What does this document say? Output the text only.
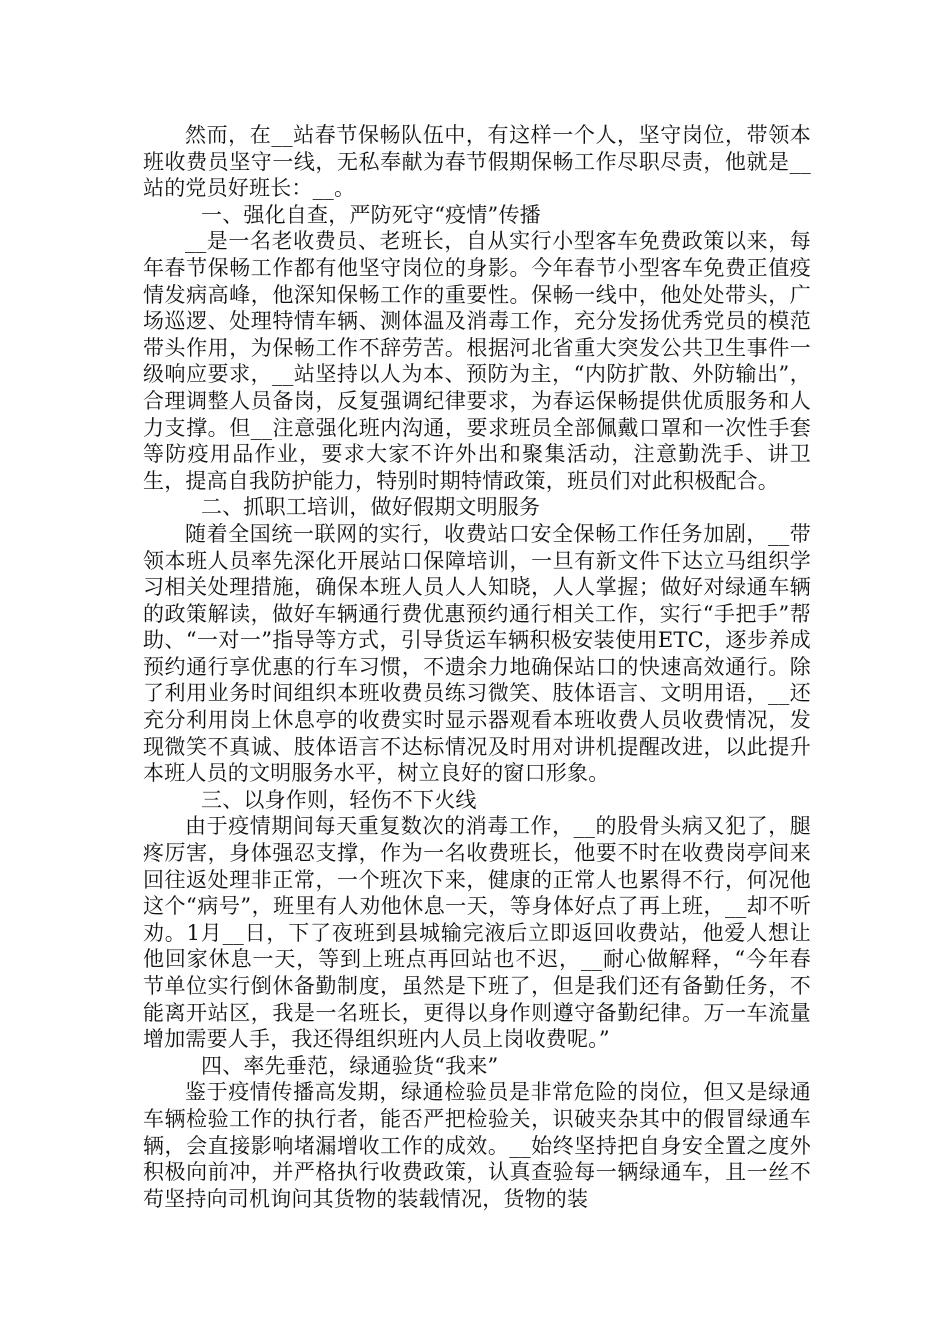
然而，在__站春节保畅队伍中，有这样一个人，坚守岗位，带领本班收费员坚守一线，无私奉献为春节假期保畅工作尽职尽责，他就是__站的党员好班长：__。

一、强化自查，严防死守“疫情”传播

__是一名老收费员、老班长，自从实行小型客车免费政策以来，每年春节保畅工作都有他坚守岗位的身影。今年春节小型客车免费正值疫情发病高峰，他深知保畅工作的重要性。保畅一线中，他处处带头，广场巡逻、处理特情车辆、测体温及消毒工作，充分发扬优秀党员的模范带头作用，为保畅工作不辞劳苦。根据河北省重大突发公共卫生事件一级响应要求，__站坚持以人为本、预防为主，“内防扩散、外防输出”，合理调整人员备岗，反复强调纪律要求，为春运保畅提供优质服务和人力支撑。但__注意强化班内沟通，要求班员全部佩戴口罩和一次性手套等防疫用品作业，要求大家不许外出和聚集活动，注意勤洗手、讲卫生，提高自我防护能力，特别时期特情政策，班员们对此积极配合。

二、抓职工培训，做好假期文明服务

随着全国统一联网的实行，收费站口安全保畅工作任务加剧，__带领本班人员率先深化开展站口保障培训，一旦有新文件下达立马组织学习相关处理措施，确保本班人员人人知晓，人人掌握；做好对绿通车辆的政策解读，做好车辆通行费优惠预约通行相关工作，实行“手把手”帮助、“一对一”指导等方式，引导货运车辆积极安装使用ETC，逐步养成预约通行享优惠的行车习惯，不遗余力地确保站口的快速高效通行。除了利用业务时间组织本班收费员练习微笑、肢体语言、文明用语，__还充分利用岗上休息亭的收费实时显示器观看本班收费人员收费情况，发现微笑不真诚、肢体语言不达标情况及时用对讲机提醒改进，以此提升本班人员的文明服务水平，树立良好的窗口形象。

三、以身作则，轻伤不下火线

由于疫情期间每天重复数次的消毒工作，__的股骨头病又犯了，腿疼厉害，身体强忍支撑，作为一名收费班长，他要不时在收费岗亭间来回往返处理非正常，一个班次下来，健康的正常人也累得不行，何况他这个“病号”，班里有人劝他休息一天，等身体好点了再上班，__却不听劝。1月__日，下了夜班到县城输完液后立即返回收费站，他爱人想让他回家休息一天，等到上班点再回站也不迟，__耐心做解释，“今年春节单位实行倒休备勤制度，虽然是下班了，但是我们还有备勤任务，不能离开站区，我是一名班长，更得以身作则遵守备勤纪律。万一车流量增加需要人手，我还得组织班内人员上岗收费呢。”

四、率先垂范，绿通验货“我来”

鉴于疫情传播高发期，绿通检验员是非常危险的岗位，但又是绿通车辆检验工作的执行者，能否严把检验关，识破夹杂其中的假冒绿通车辆，会直接影响堵漏增收工作的成效。__始终坚持把自身安全置之度外积极向前冲，并严格执行收费政策，认真查验每一辆绿通车，且一丝不苟坚持向司机询问其货物的装载情况，货物的装
